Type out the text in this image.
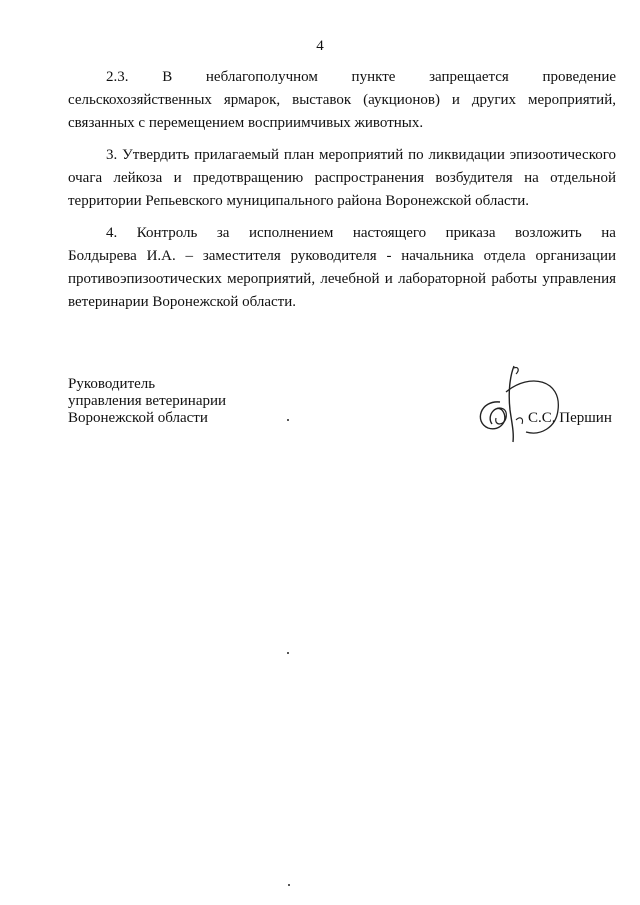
4
2.3. В неблагополучном пункте запрещается проведение
сельскохозяйственных ярмарок, выставок (аукционов) и других мероприятий,
связанных с перемещением восприимчивых животных.
3. Утвердить прилагаемый план мероприятий по ликвидации эпизоотического
очага лейкоза и предотвращению распространения возбудителя на отдельной
территории Репьевского муниципального района Воронежской области.
4. Контроль за исполнением настоящего приказа возложить на
Болдырева И.А. – заместителя руководителя - начальника отдела организации
противоэпизоотических мероприятий, лечебной и лабораторной работы управления
ветеринарии Воронежской области.
Руководитель
управления ветеринарии
Воронежской области	С.С. Першин
